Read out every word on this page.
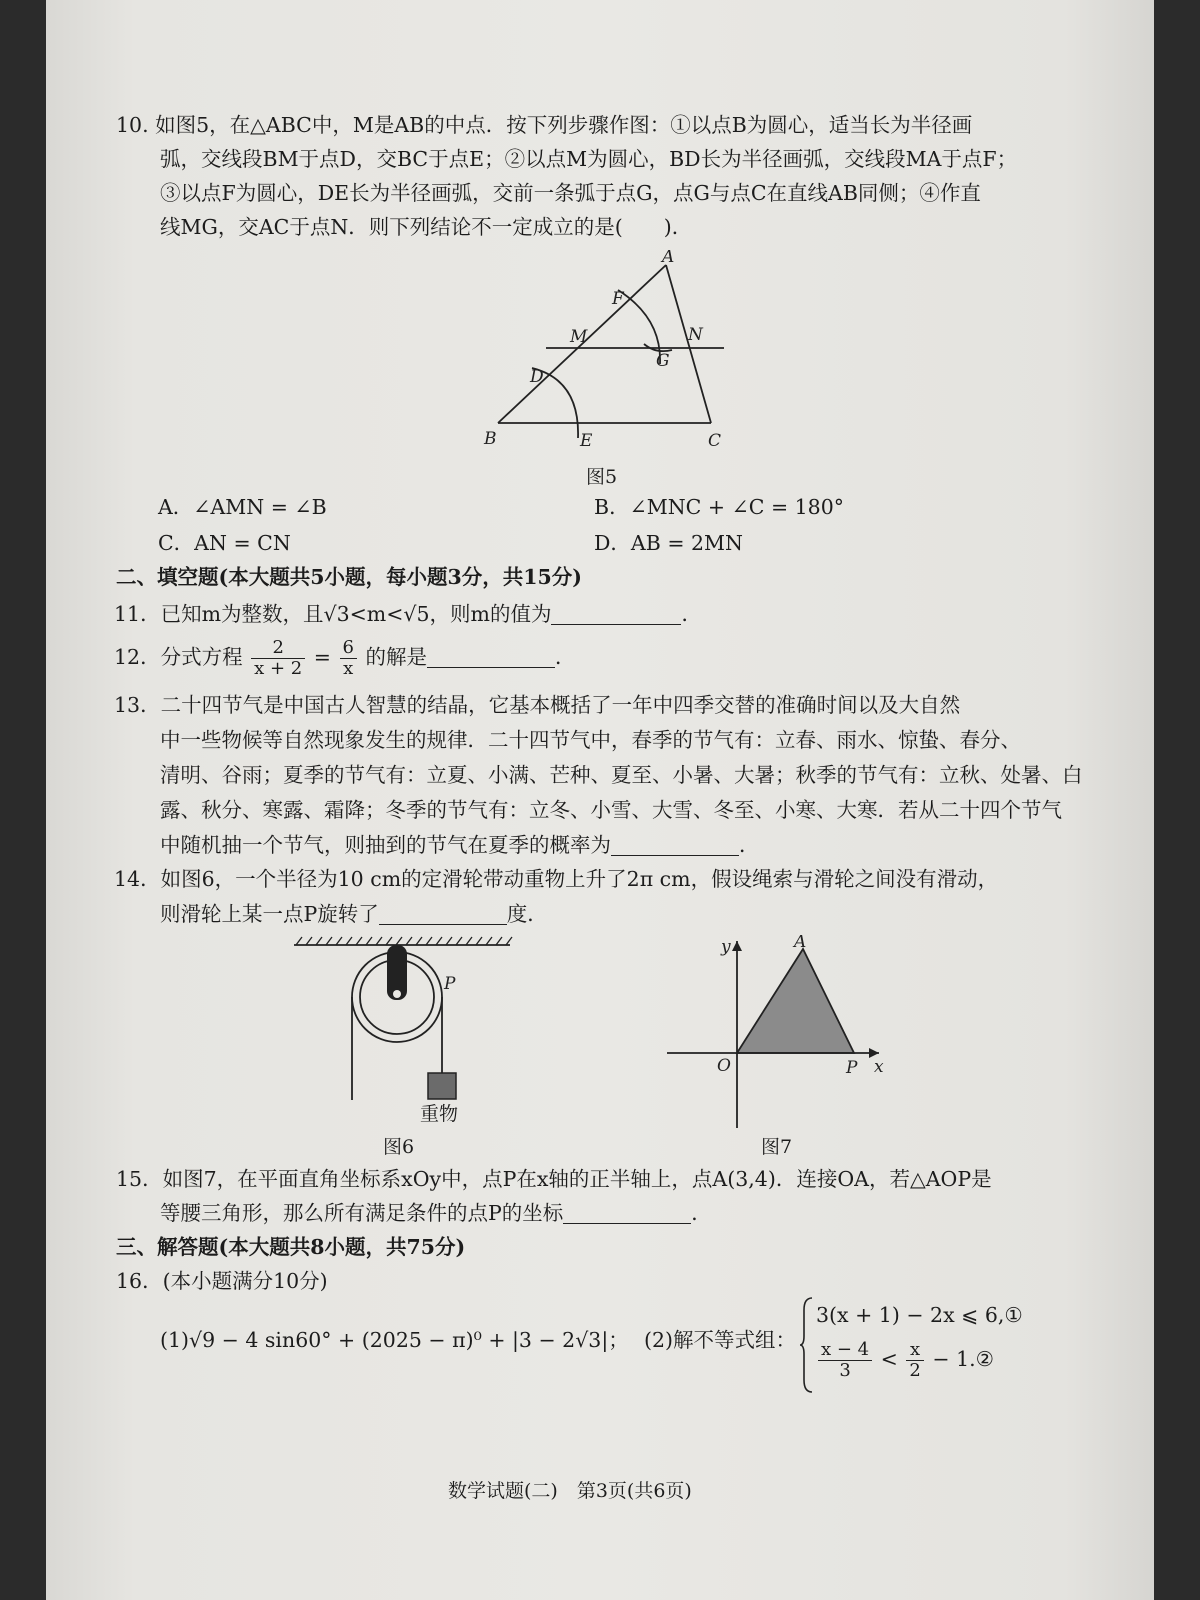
10. 如图5，在△ABC中，M是AB的中点．按下列步骤作图：①以点B为圆心，适当长为半径画
弧，交线段BM于点D，交BC于点E；②以点M为圆心，BD长为半径画弧，交线段MA于点F；
③以点F为圆心，DE长为半径画弧，交前一条弧于点G，点G与点C在直线AB同侧；④作直
线MG，交AC于点N．则下列结论不一定成立的是(　　)．
A
B	C
M	N
F
G
D
E
图5
A．∠AMN = ∠B	B．∠MNC + ∠C = 180°
C．AN = CN	D．AB = 2MN
二、填空题(本大题共5小题，每小题3分，共15分)
11．已知m为整数，且√3<m<√5，则m的值为	．
12．分式方程 $\frac{2}{x + 2} = \frac{6}{x}$ 的解是	．
13．二十四节气是中国古人智慧的结晶，它基本概括了一年中四季交替的准确时间以及大自然
中一些物候等自然现象发生的规律．二十四节气中，春季的节气有：立春、雨水、惊蛰、春分、
清明、谷雨；夏季的节气有：立夏、小满、芒种、夏至、小暑、大暑；秋季的节气有：立秋、处暑、白
露、秋分、寒露、霜降；冬季的节气有：立冬、小雪、大雪、冬至、小寒、大寒．若从二十四个节气
中随机抽一个节气，则抽到的节气在夏季的概率为	．
14．如图6，一个半径为10 cm的定滑轮带动重物上升了2π cm，假设绳索与滑轮之间没有滑动，
则滑轮上某一点P旋转了	度．
P
重物
图6
y
x
O
A
P
图7
15．如图7，在平面直角坐标系xOy中，点P在x轴的正半轴上，点A(3,4)．连接OA，若△AOP是
等腰三角形，那么所有满足条件的点P的坐标	．
三、解答题(本大题共8小题，共75分)
16．(本小题满分10分)
(1)√9 − 4 sin60° + (2025 − π)⁰ + |3 − 2√3|； (2)解不等式组：
3(x + 1) − 2x ⩽ 6,①
$\frac{x - 4}{3} < \frac{x}{2}$ − 1.②
数学试题(二)　第3页(共6页)
